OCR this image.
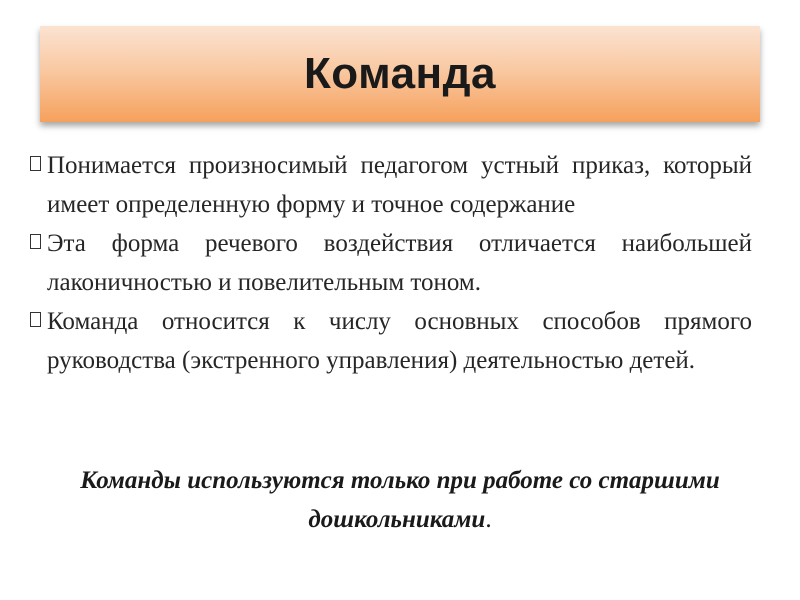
Команда
Понимается произносимый педагогом устный приказ, который имеет определенную форму и точное содержание
Эта форма речевого воздействия отличается наибольшей лаконичностью и повелительным тоном.
Команда относится к числу основных способов прямого руководства (экстренного управления) деятельностью детей.
Команды используются только при работе со старшими дошкольниками.
